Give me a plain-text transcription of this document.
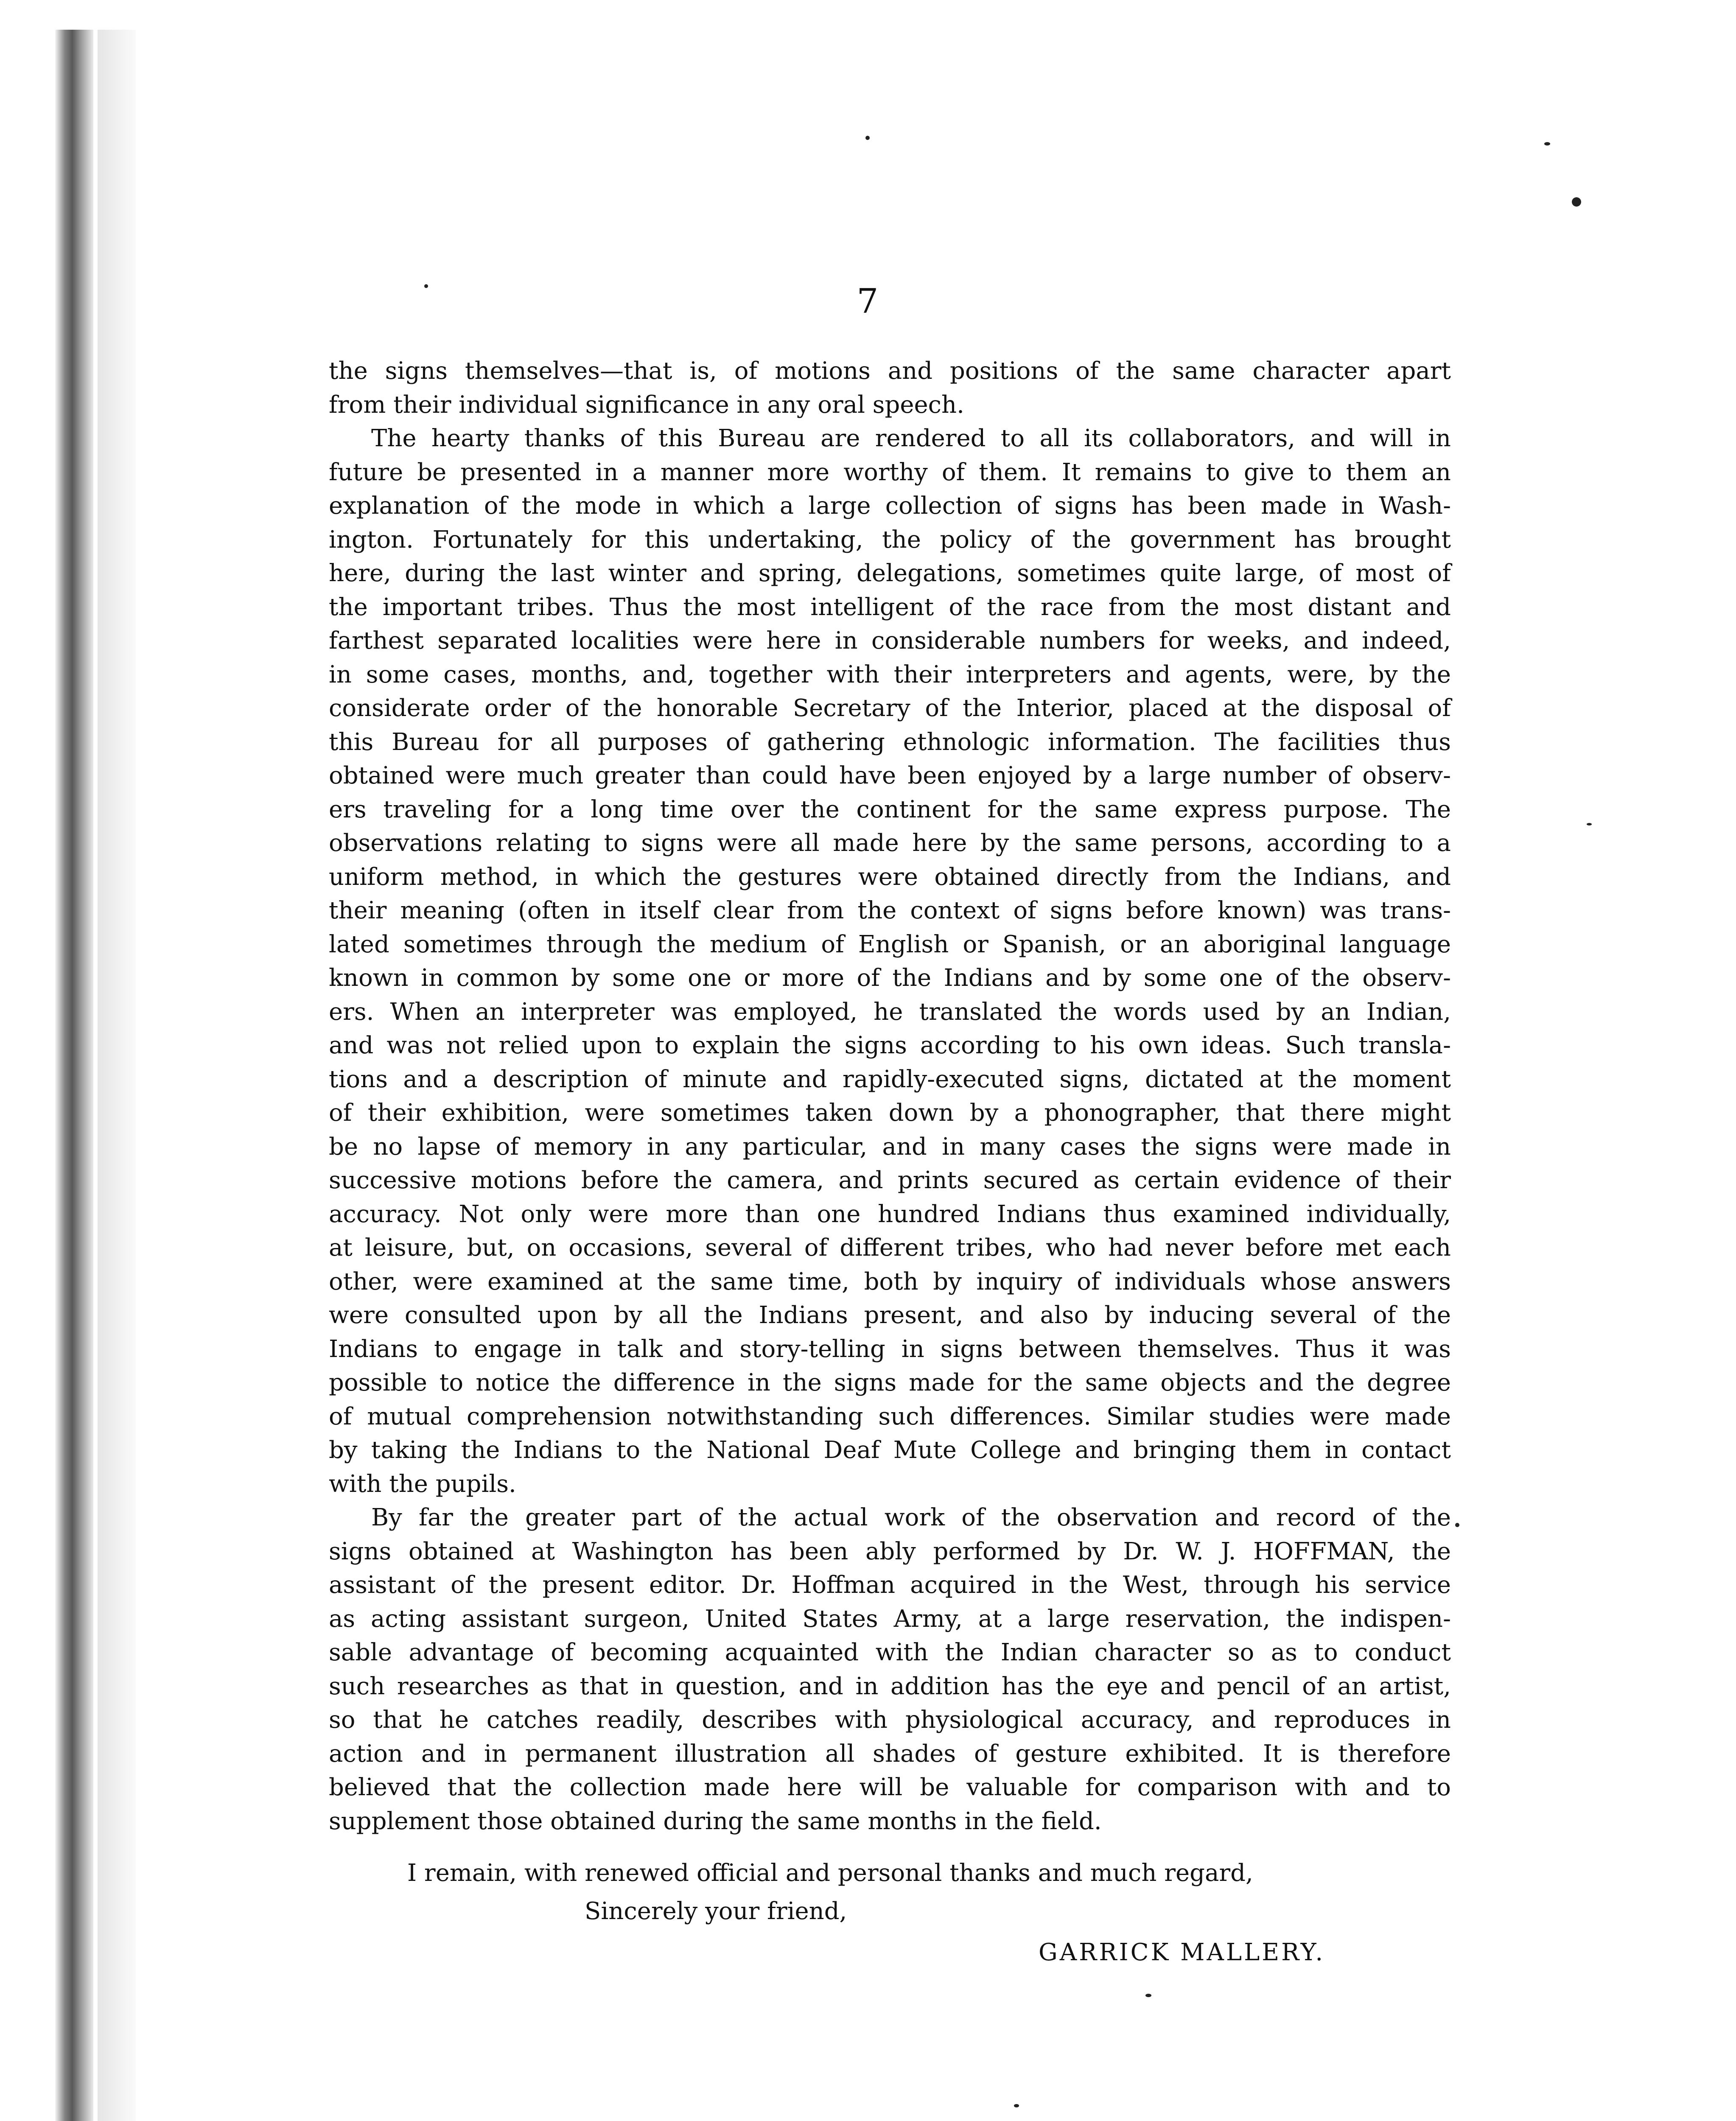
7
the signs themselves—that is, of motions and positions of the same character apart
from their individual significance in any oral speech.
The hearty thanks of this Bureau are rendered to all its collaborators, and will in
future be presented in a manner more worthy of them. It remains to give to them an
explanation of the mode in which a large collection of signs has been made in Wash-
ington. Fortunately for this undertaking, the policy of the government has brought
here, during the last winter and spring, delegations, sometimes quite large, of most of
the important tribes. Thus the most intelligent of the race from the most distant and
farthest separated localities were here in considerable numbers for weeks, and indeed,
in some cases, months, and, together with their interpreters and agents, were, by the
considerate order of the honorable Secretary of the Interior, placed at the disposal of
this Bureau for all purposes of gathering ethnologic information. The facilities thus
obtained were much greater than could have been enjoyed by a large number of observ-
ers traveling for a long time over the continent for the same express purpose. The
observations relating to signs were all made here by the same persons, according to a
uniform method, in which the gestures were obtained directly from the Indians, and
their meaning (often in itself clear from the context of signs before known) was trans-
lated sometimes through the medium of English or Spanish, or an aboriginal language
known in common by some one or more of the Indians and by some one of the observ-
ers. When an interpreter was employed, he translated the words used by an Indian,
and was not relied upon to explain the signs according to his own ideas. Such transla-
tions and a description of minute and rapidly-executed signs, dictated at the moment
of their exhibition, were sometimes taken down by a phonographer, that there might
be no lapse of memory in any particular, and in many cases the signs were made in
successive motions before the camera, and prints secured as certain evidence of their
accuracy. Not only were more than one hundred Indians thus examined individually,
at leisure, but, on occasions, several of different tribes, who had never before met each
other, were examined at the same time, both by inquiry of individuals whose answers
were consulted upon by all the Indians present, and also by inducing several of the
Indians to engage in talk and story-telling in signs between themselves. Thus it was
possible to notice the difference in the signs made for the same objects and the degree
of mutual comprehension notwithstanding such differences. Similar studies were made
by taking the Indians to the National Deaf Mute College and bringing them in contact
with the pupils.
By far the greater part of the actual work of the observation and record of the
signs obtained at Washington has been ably performed by Dr. W. J. HOFFMAN, the
assistant of the present editor. Dr. Hoffman acquired in the West, through his service
as acting assistant surgeon, United States Army, at a large reservation, the indispen-
sable advantage of becoming acquainted with the Indian character so as to conduct
such researches as that in question, and in addition has the eye and pencil of an artist,
so that he catches readily, describes with physiological accuracy, and reproduces in
action and in permanent illustration all shades of gesture exhibited. It is therefore
believed that the collection made here will be valuable for comparison with and to
supplement those obtained during the same months in the field.
I remain, with renewed official and personal thanks and much regard,
Sincerely your friend,
GARRICK MALLERY.
